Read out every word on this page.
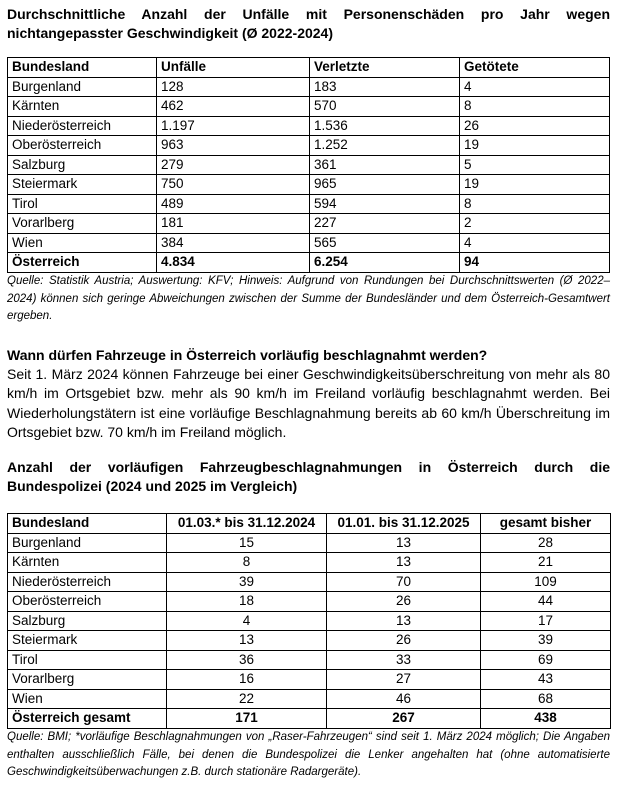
Durchschnittliche Anzahl der Unfälle mit Personenschäden pro Jahr wegen nichtangepasster Geschwindigkeit (Ø 2022-2024)

Bundesland	Unfälle	Verletzte	Getötete
Burgenland	128	183	4
Kärnten	462	570	8
Niederösterreich	1.197	1.536	26
Oberösterreich	963	1.252	19
Salzburg	279	361	5
Steiermark	750	965	19
Tirol	489	594	8
Vorarlberg	181	227	2
Wien	384	565	4
Österreich	4.834	6.254	94

Quelle: Statistik Austria; Auswertung: KFV; Hinweis: Aufgrund von Rundungen bei Durchschnittswerten (Ø 2022–2024) können sich geringe Abweichungen zwischen der Summe der Bundesländer und dem Österreich-Gesamtwert ergeben.

Wann dürfen Fahrzeuge in Österreich vorläufig beschlagnahmt werden?

Seit 1. März 2024 können Fahrzeuge bei einer Geschwindigkeitsüberschreitung von mehr als 80 km/h im Ortsgebiet bzw. mehr als 90 km/h im Freiland vorläufig beschlagnahmt werden. Bei Wiederholungstätern ist eine vorläufige Beschlagnahmung bereits ab 60 km/h Überschreitung im Ortsgebiet bzw. 70 km/h im Freiland möglich.

Anzahl der vorläufigen Fahrzeugbeschlagnahmungen in Österreich durch die Bundespolizei (2024 und 2025 im Vergleich)

Bundesland	01.03.* bis 31.12.2024	01.01. bis 31.12.2025	gesamt bisher
Burgenland	15	13	28
Kärnten	8	13	21
Niederösterreich	39	70	109
Oberösterreich	18	26	44
Salzburg	4	13	17
Steiermark	13	26	39
Tirol	36	33	69
Vorarlberg	16	27	43
Wien	22	46	68
Österreich gesamt	171	267	438

Quelle: BMI; *vorläufige Beschlagnahmungen von „Raser-Fahrzeugen“ sind seit 1. März 2024 möglich; Die Angaben enthalten ausschließlich Fälle, bei denen die Bundespolizei die Lenker angehalten hat (ohne automatisierte Geschwindigkeitsüberwachungen z.B. durch stationäre Radargeräte).
